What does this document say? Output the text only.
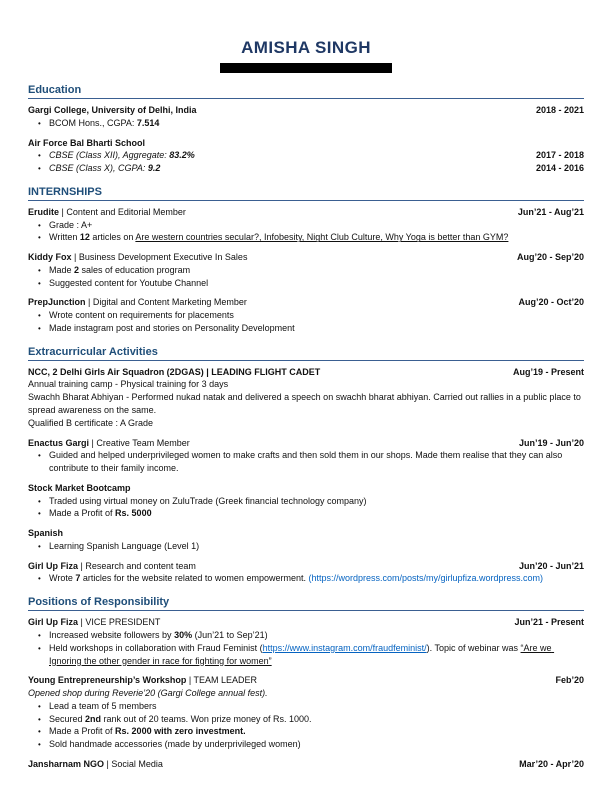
AMISHA SINGH
Education
Gargi College, University of Delhi, India	2018 - 2021
• BCOM Hons., CGPA: 7.514
Air Force Bal Bharti School
• CBSE (Class XII), Aggregate: 83.2%	2017 - 2018
• CBSE (Class X), CGPA: 9.2	2014 - 2016
INTERNSHIPS
Erudite | Content and Editorial Member	Jun’21 - Aug’21
• Grade : A+
• Written 12 articles on Are western countries secular?, Infobesity, Night Club Culture, Why Yoga is better than GYM?
Kiddy Fox | Business Development Executive In Sales	Aug’20 - Sep’20
• Made 2 sales of education program
• Suggested content for Youtube Channel
PrepJunction | Digital and Content Marketing Member	Aug’20 - Oct’20
• Wrote content on requirements for placements
• Made instagram post and stories on Personality Development
Extracurricular Activities
NCC, 2 Delhi Girls Air Squadron (2DGAS) | LEADING FLIGHT CADET	Aug’19 - Present
Annual training camp - Physical training for 3 days
Swachh Bharat Abhiyan - Performed nukad natak and delivered a speech on swachh bharat abhiyan. Carried out rallies in a public place to spread awareness on the same.
Qualified B certificate : A Grade
Enactus Gargi | Creative Team Member	Jun’19 - Jun’20
• Guided and helped underprivileged women to make crafts and then sold them in our shops. Made them realise that they can also contribute to their family income.
Stock Market Bootcamp
• Traded using virtual money on ZuluTrade (Greek financial technology company)
• Made a Profit of Rs. 5000
Spanish
• Learning Spanish Language (Level 1)
Girl Up Fiza | Research and content team	Jun’20 - Jun’21
• Wrote 7 articles for the website related to women empowerment. (https://wordpress.com/posts/my/girlupfiza.wordpress.com)
Positions of Responsibility
Girl Up Fiza | VICE PRESIDENT	Jun’21 - Present
• Increased website followers by 30% (Jun’21 to Sep’21)
• Held workshops in collaboration with Fraud Feminist (https://www.instagram.com/fraudfeminist/). Topic of webinar was “Are we Ignoring the other gender in race for fighting for women”
Young Entrepreneurship’s Workshop | TEAM LEADER	Feb’20
Opened shop during Reverie’20 (Gargi College annual fest).
• Lead a team of 5 members
• Secured 2nd rank out of 20 teams. Won prize money of Rs. 1000.
• Made a Profit of Rs. 2000 with zero investment.
• Sold handmade accessories (made by underprivileged women)
Jansharnam NGO | Social Media	Mar’20 - Apr’20
